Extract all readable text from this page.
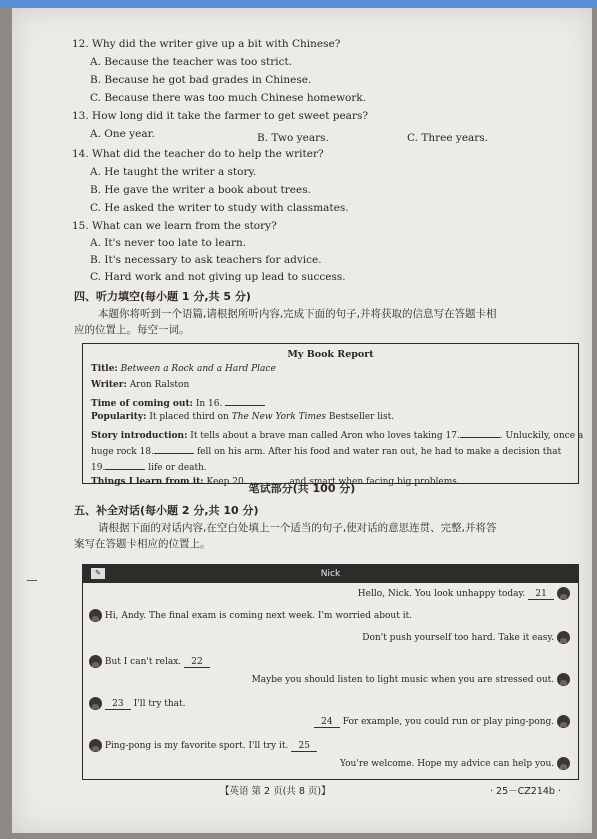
12. Why did the writer give up a bit with Chinese?
A. Because the teacher was too strict.
B. Because he got bad grades in Chinese.
C. Because there was too much Chinese homework.
13. How long did it take the farmer to get sweet pears?
A. One year.	B. Two years.	C. Three years.
14. What did the teacher do to help the writer?
A. He taught the writer a story.
B. He gave the writer a book about trees.
C. He asked the writer to study with classmates.
15. What can we learn from the story?
A. It's never too late to learn.
B. It's necessary to ask teachers for advice.
C. Hard work and not giving up lead to success.
四、听力填空(每小题 1 分,共 5 分)
本题你将听到一个语篇,请根据所听内容,完成下面的句子,并将获取的信息写在答题卡相
应的位置上。每空一词。
My Book Report
Title: Between a Rock and a Hard Place
Writer: Aron Ralston
Time of coming out: In 16.
Popularity: It placed third on The New York Times Bestseller list.
Story introduction: It tells about a brave man called Aron who loves taking 17.	. Unluckily, once a
huge rock 18.	fell on his arm. After his food and water ran out, he had to make a decision that
19.	life or death.
Things I learn from it: Keep 20.	and smart when facing big problems.
笔试部分(共 100 分)
五、补全对话(每小题 2 分,共 10 分)
请根据下面的对话内容,在空白处填上一个适当的句子,使对话的意思连贯、完整,并将答
案写在答题卡相应的位置上。
✎	Nick
Hello, Nick. You look unhappy today. 21
Hi, Andy. The final exam is coming next week. I'm worried about it.
Don't push yourself too hard. Take it easy.
But I can't relax. 22
Maybe you should listen to light music when you are stressed out.
23 I'll try that.
24 For example, you could run or play ping-pong.
Ping-pong is my favorite sport. I'll try it. 25
You're welcome. Hope my advice can help you.
【英语 第 2 页(共 8 页)】	· 25－CZ214b ·
